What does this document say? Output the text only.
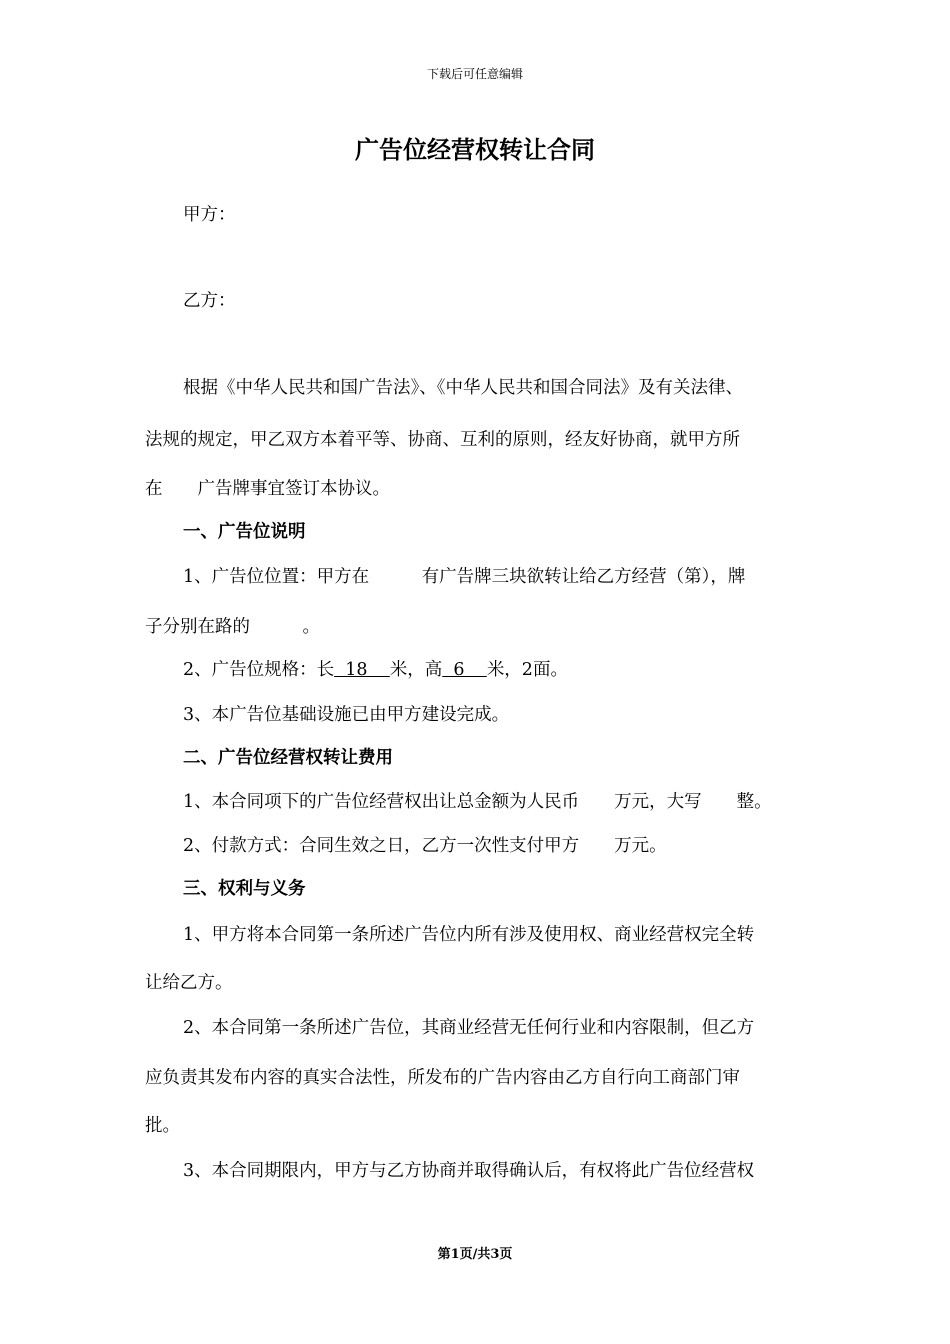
下载后可任意编辑
广告位经营权转让合同
甲方：
乙方：
根据《中华人民共和国广告法》、《中华人民共和国合同法》及有关法律、
法规的规定，甲乙双方本着平等、协商、互利的原则，经友好协商，就甲方所
在　　广告牌事宜签订本协议。
一、广告位说明
1、广告位位置：甲方在　　　有广告牌三块欲转让给乙方经营（第），牌
子分别在路的　　　。
2、广告位规格：长  18    米，高  6    米，2面。
3、本广告位基础设施已由甲方建设完成。
二、广告位经营权转让费用
1、本合同项下的广告位经营权出让总金额为人民币　　万元，大写　　整。
2、付款方式：合同生效之日，乙方一次性支付甲方　　万元。
三、权利与义务
1、甲方将本合同第一条所述广告位内所有涉及使用权、商业经营权完全转
让给乙方。
2、本合同第一条所述广告位，其商业经营无任何行业和内容限制，但乙方
应负责其发布内容的真实合法性，所发布的广告内容由乙方自行向工商部门审
批。
3、本合同期限内，甲方与乙方协商并取得确认后，有权将此广告位经营权
第1页/共3页
